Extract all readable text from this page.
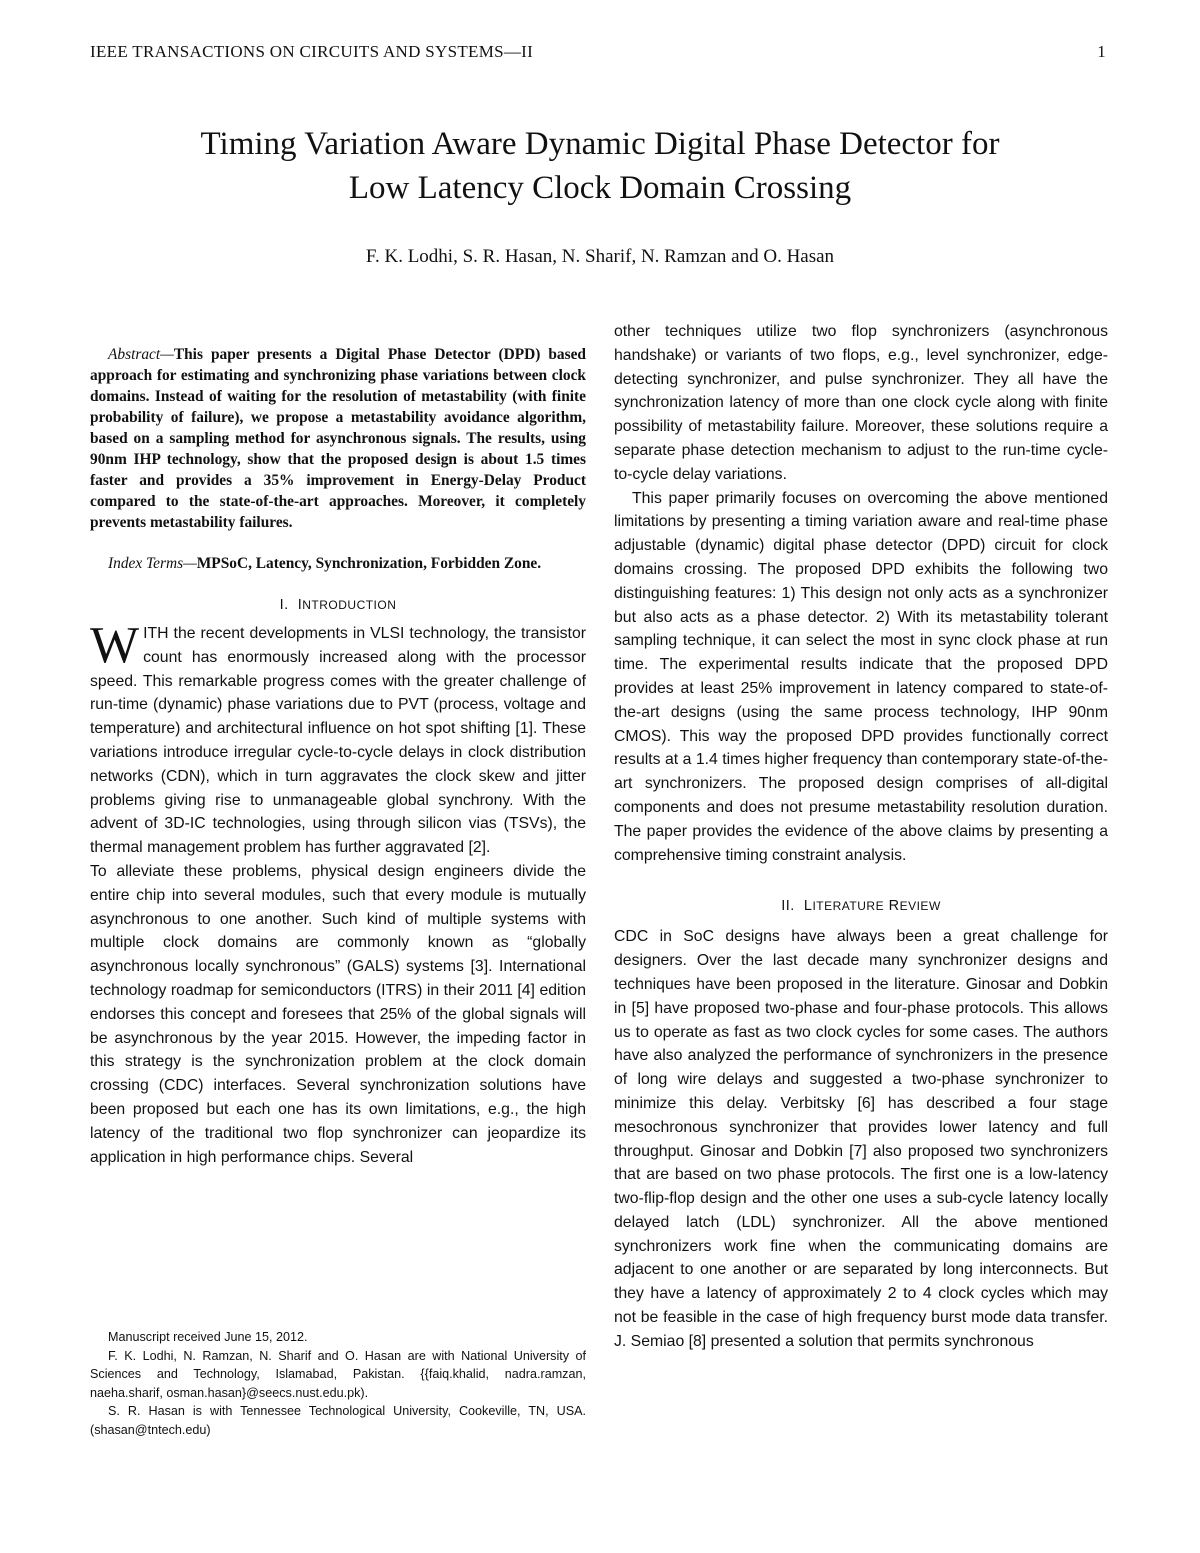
IEEE TRANSACTIONS ON CIRCUITS AND SYSTEMS—II	1
Timing Variation Aware Dynamic Digital Phase Detector for
Low Latency Clock Domain Crossing
F. K. Lodhi, S. R. Hasan, N. Sharif, N. Ramzan and O. Hasan

Abstract—This paper presents a Digital Phase Detector (DPD) based approach for estimating and synchronizing phase variations between clock domains. Instead of waiting for the resolution of metastability (with finite probability of failure), we propose a metastability avoidance algorithm, based on a sampling method for asynchronous signals. The results, using 90nm IHP technology, show that the proposed design is about 1.5 times faster and provides a 35% improvement in Energy-Delay Product compared to the state-of-the-art approaches. Moreover, it completely prevents metastability failures.

Index Terms—MPSoC, Latency, Synchronization, Forbidden Zone.

I. INTRODUCTION

WITH the recent developments in VLSI technology, the transistor count has enormously increased along with the processor speed. This remarkable progress comes with the greater challenge of run-time (dynamic) phase variations due to PVT (process, voltage and temperature) and architectural influence on hot spot shifting [1]. These variations introduce irregular cycle-to-cycle delays in clock distribution networks (CDN), which in turn aggravates the clock skew and jitter problems giving rise to unmanageable global synchrony. With the advent of 3D-IC technologies, using through silicon vias (TSVs), the thermal management problem has further aggravated [2].

To alleviate these problems, physical design engineers divide the entire chip into several modules, such that every module is mutually asynchronous to one another. Such kind of multiple systems with multiple clock domains are commonly known as “globally asynchronous locally synchronous” (GALS) systems [3]. International technology roadmap for semiconductors (ITRS) in their 2011 [4] edition endorses this concept and foresees that 25% of the global signals will be asynchronous by the year 2015. However, the impeding factor in this strategy is the synchronization problem at the clock domain crossing (CDC) interfaces. Several synchronization solutions have been proposed but each one has its own limitations, e.g., the high latency of the traditional two flop synchronizer can jeopardize its application in high performance chips. Several

Manuscript received June 15, 2012.

F. K. Lodhi, N. Ramzan, N. Sharif and O. Hasan are with National University of Sciences and Technology, Islamabad, Pakistan. {{faiq.khalid, nadra.ramzan, naeha.sharif, osman.hasan}@seecs.nust.edu.pk).

S. R. Hasan is with Tennessee Technological University, Cookeville, TN, USA. (shasan@tntech.edu)

other techniques utilize two flop synchronizers (asynchronous handshake) or variants of two flops, e.g., level synchronizer, edge-detecting synchronizer, and pulse synchronizer. They all have the synchronization latency of more than one clock cycle along with finite possibility of metastability failure. Moreover, these solutions require a separate phase detection mechanism to adjust to the run-time cycle-to-cycle delay variations.

This paper primarily focuses on overcoming the above mentioned limitations by presenting a timing variation aware and real-time phase adjustable (dynamic) digital phase detector (DPD) circuit for clock domains crossing. The proposed DPD exhibits the following two distinguishing features: 1) This design not only acts as a synchronizer but also acts as a phase detector. 2) With its metastability tolerant sampling technique, it can select the most in sync clock phase at run time. The experimental results indicate that the proposed DPD provides at least 25% improvement in latency compared to state-of-the-art designs (using the same process technology, IHP 90nm CMOS). This way the proposed DPD provides functionally correct results at a 1.4 times higher frequency than contemporary state-of-the-art synchronizers. The proposed design comprises of all-digital components and does not presume metastability resolution duration. The paper provides the evidence of the above claims by presenting a comprehensive timing constraint analysis.

II. LITERATURE REVIEW

CDC in SoC designs have always been a great challenge for designers. Over the last decade many synchronizer designs and techniques have been proposed in the literature. Ginosar and Dobkin in [5] have proposed two-phase and four-phase protocols. This allows us to operate as fast as two clock cycles for some cases. The authors have also analyzed the performance of synchronizers in the presence of long wire delays and suggested a two-phase synchronizer to minimize this delay. Verbitsky [6] has described a four stage mesochronous synchronizer that provides lower latency and full throughput. Ginosar and Dobkin [7] also proposed two synchronizers that are based on two phase protocols. The first one is a low-latency two-flip-flop design and the other one uses a sub-cycle latency locally delayed latch (LDL) synchronizer. All the above mentioned synchronizers work fine when the communicating domains are adjacent to one another or are separated by long interconnects. But they have a latency of approximately 2 to 4 clock cycles which may not be feasible in the case of high frequency burst mode data transfer. J. Semiao [8] presented a solution that permits synchronous
